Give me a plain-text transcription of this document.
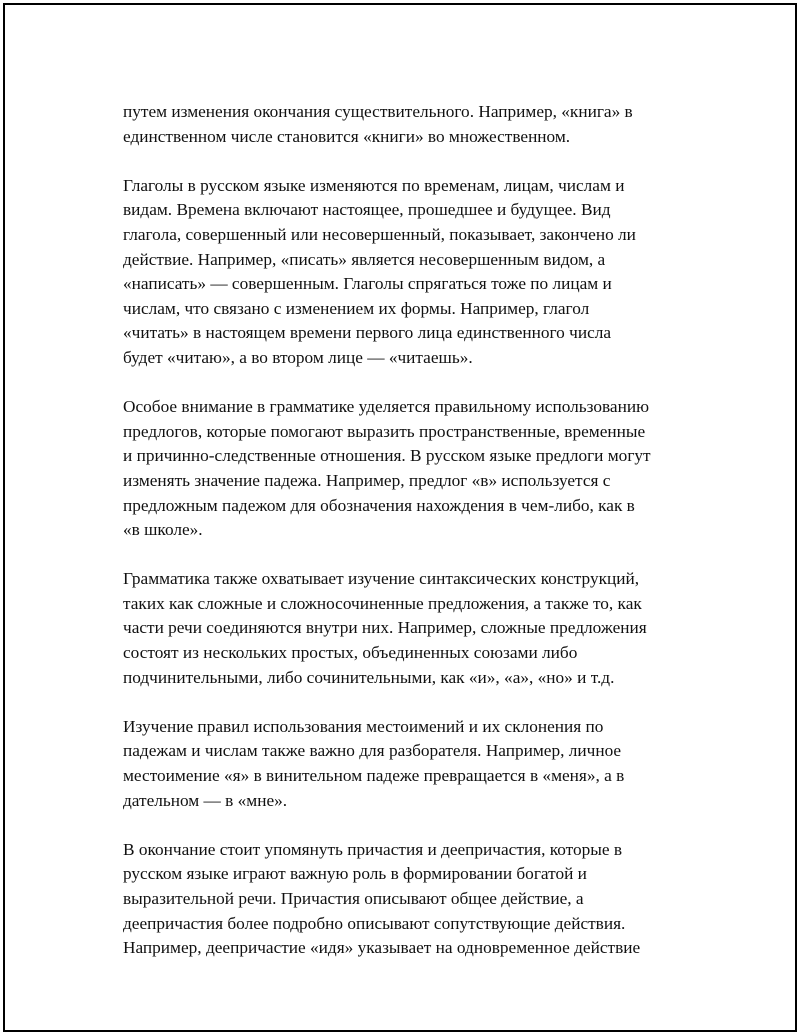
путем изменения окончания существительного. Например, «книга» в
единственном числе становится «книги» во множественном.

Глаголы в русском языке изменяются по временам, лицам, числам и
видам. Времена включают настоящее, прошедшее и будущее. Вид
глагола, совершенный или несовершенный, показывает, закончено ли
действие. Например, «писать» является несовершенным видом, а
«написать» — совершенным. Глаголы спрягаться тоже по лицам и
числам, что связано с изменением их формы. Например, глагол
«читать» в настоящем времени первого лица единственного числа
будет «читаю», а во втором лице — «читаешь».

Особое внимание в грамматике уделяется правильному использованию
предлогов, которые помогают выразить пространственные, временные
и причинно-следственные отношения. В русском языке предлоги могут
изменять значение падежа. Например, предлог «в» используется с
предложным падежом для обозначения нахождения в чем-либо, как в
«в школе».

Грамматика также охватывает изучение синтаксических конструкций,
таких как сложные и сложносочиненные предложения, а также то, как
части речи соединяются внутри них. Например, сложные предложения
состоят из нескольких простых, объединенных союзами либо
подчинительными, либо сочинительными, как «и», «а», «но» и т.д.

Изучение правил использования местоимений и их склонения по
падежам и числам также важно для разборателя. Например, личное
местоимение «я» в винительном падеже превращается в «меня», а в
дательном — в «мне».

В окончание стоит упомянуть причастия и деепричастия, которые в
русском языке играют важную роль в формировании богатой и
выразительной речи. Причастия описывают общее действие, а
деепричастия более подробно описывают сопутствующие действия.
Например, деепричастие «идя» указывает на одновременное действие
